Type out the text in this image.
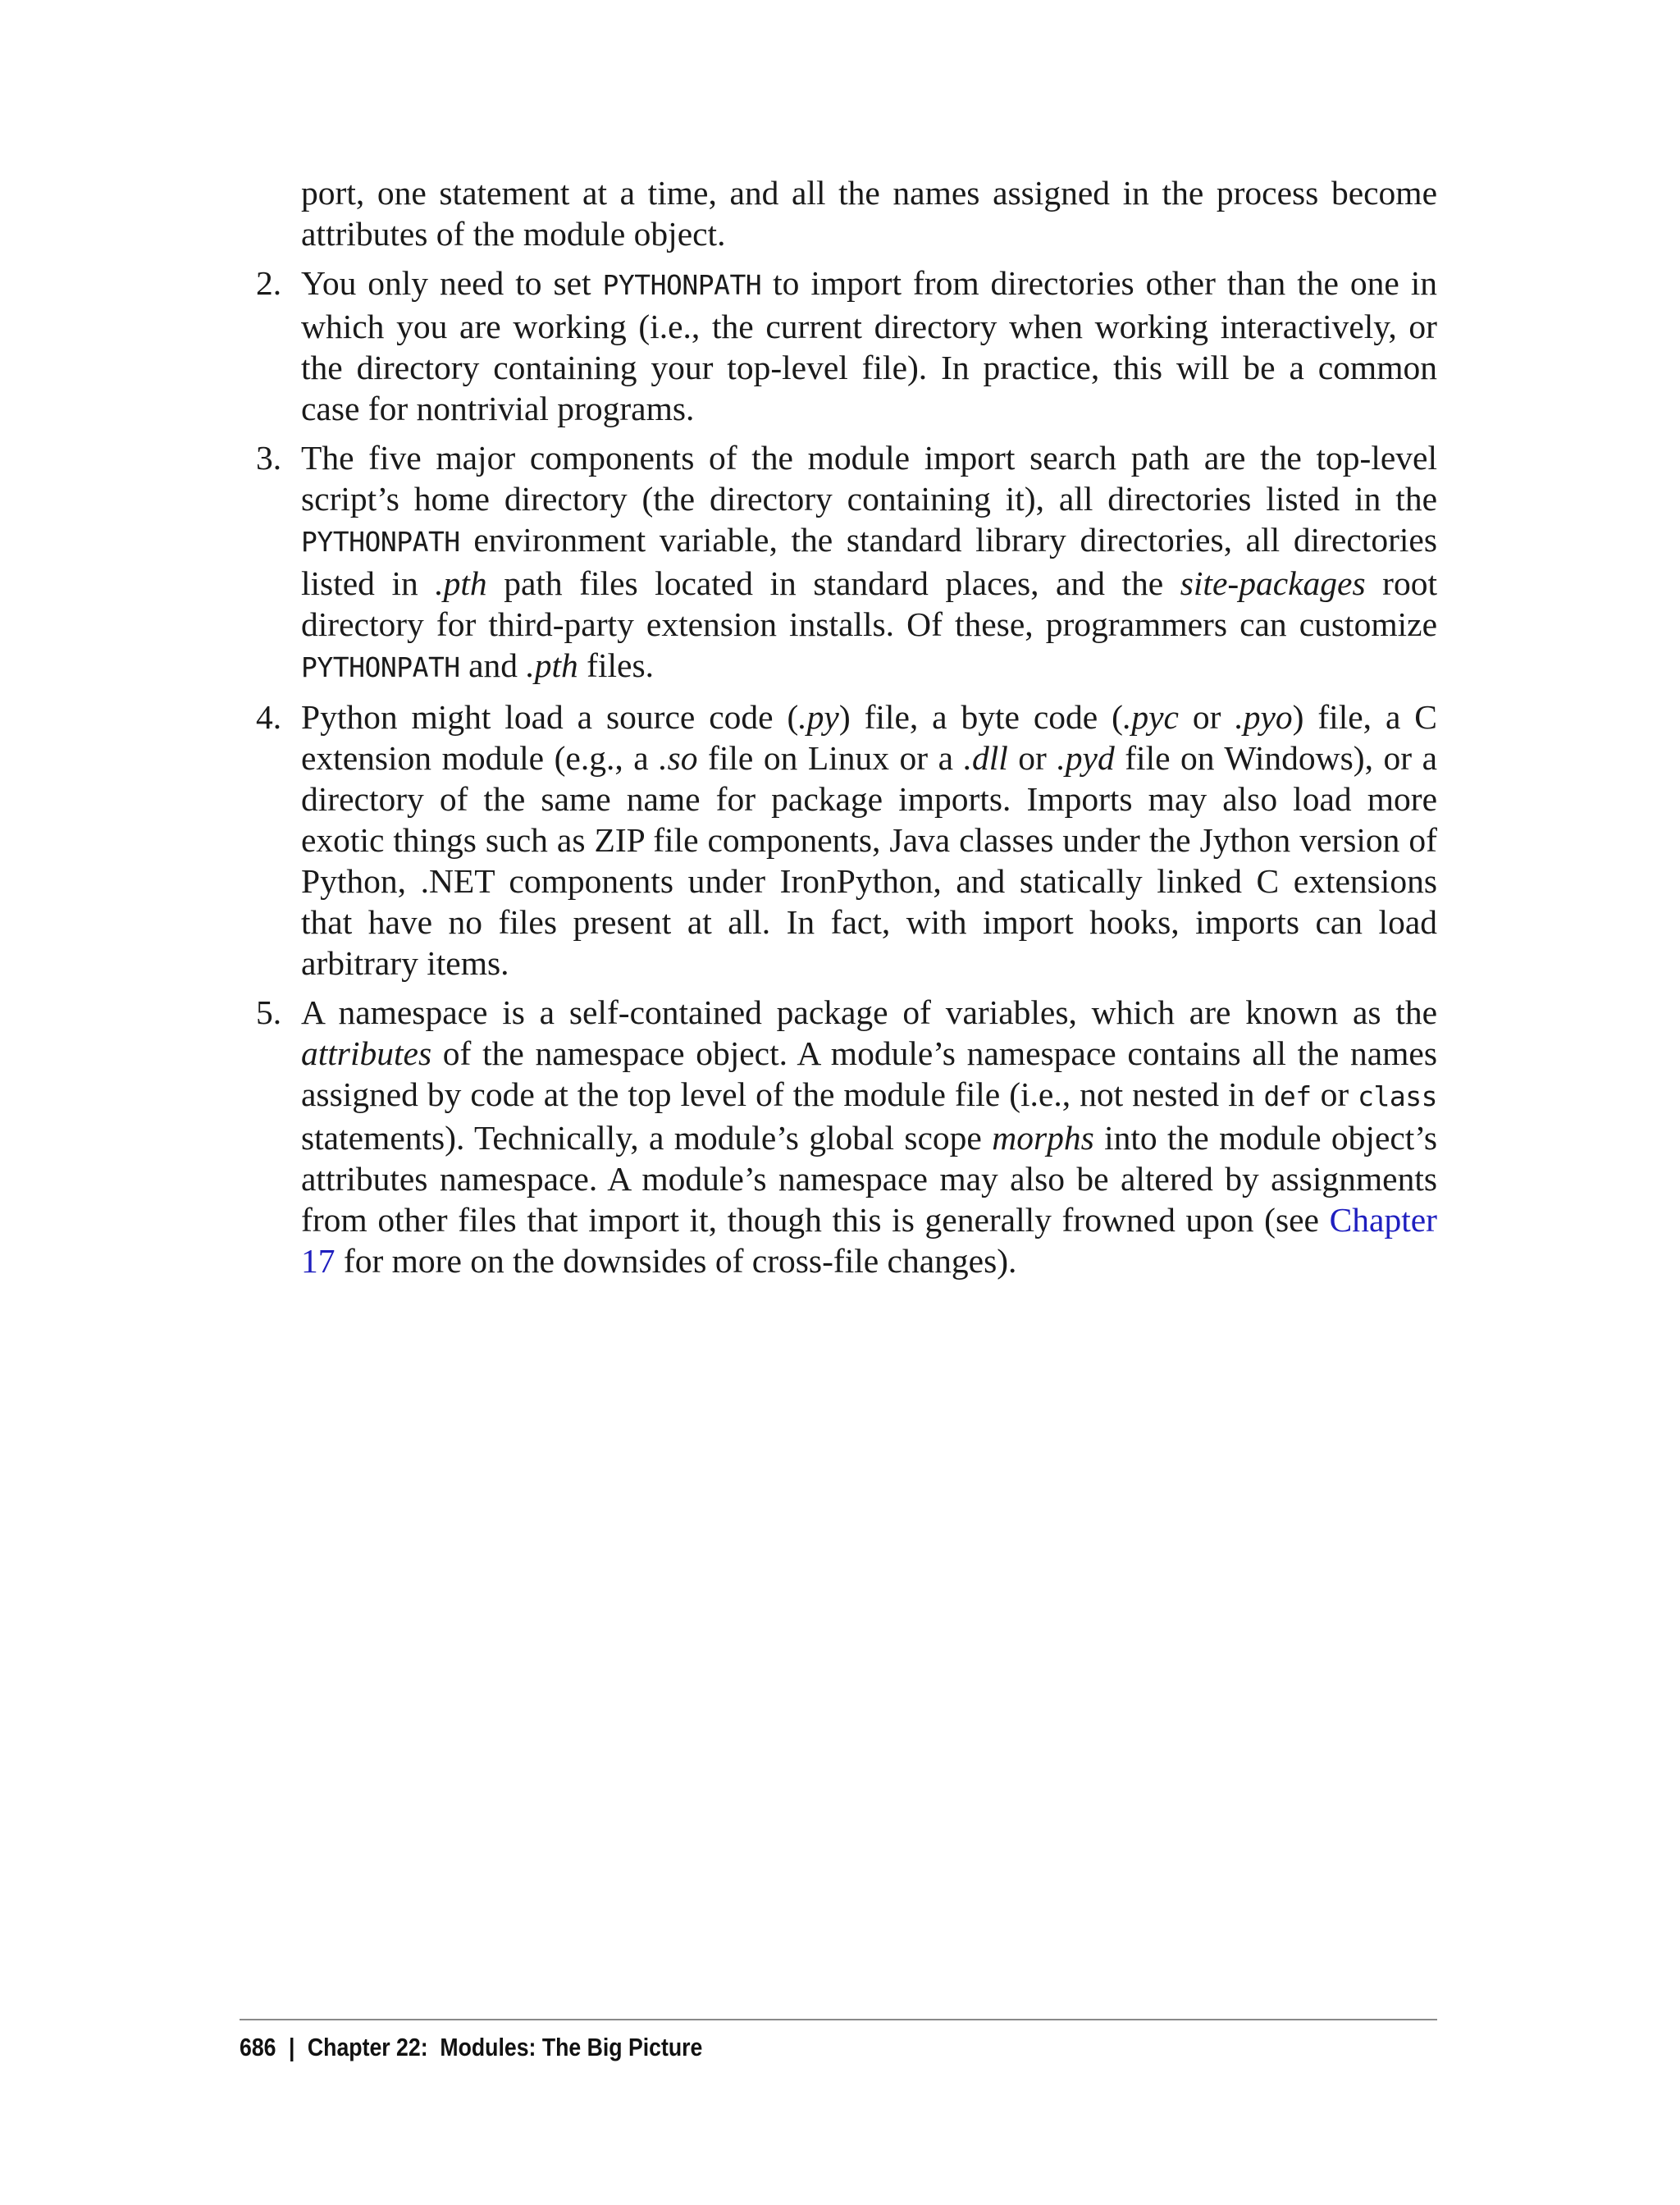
port, one statement at a time, and all the names assigned in the process become attributes of the module object.

2. You only need to set PYTHONPATH to import from directories other than the one in which you are working (i.e., the current directory when working interactively, or the directory containing your top-level file). In practice, this will be a common case for nontrivial programs.
3. The five major components of the module import search path are the top-level script’s home directory (the directory containing it), all directories listed in the PYTHONPATH environment variable, the standard library directories, all directories listed in .pth path files located in standard places, and the site-packages root directory for third-party extension installs. Of these, programmers can customize PYTHONPATH and .pth files.
4. Python might load a source code (.py) file, a byte code (.pyc or .pyo) file, a C extension module (e.g., a .so file on Linux or a .dll or .pyd file on Windows), or a directory of the same name for package imports. Imports may also load more exotic things such as ZIP file components, Java classes under the Jython version of Python, .NET components under IronPython, and statically linked C extensions that have no files present at all. In fact, with import hooks, imports can load arbitrary items.
5. A namespace is a self-contained package of variables, which are known as the attributes of the namespace object. A module’s namespace contains all the names assigned by code at the top level of the module file (i.e., not nested in def or class statements). Technically, a module’s global scope morphs into the module object’s attributes namespace. A module’s namespace may also be altered by assignments from other files that import it, though this is generally frowned upon (see Chapter 17 for more on the downsides of cross-file changes).
686 | Chapter 22:  Modules: The Big Picture
